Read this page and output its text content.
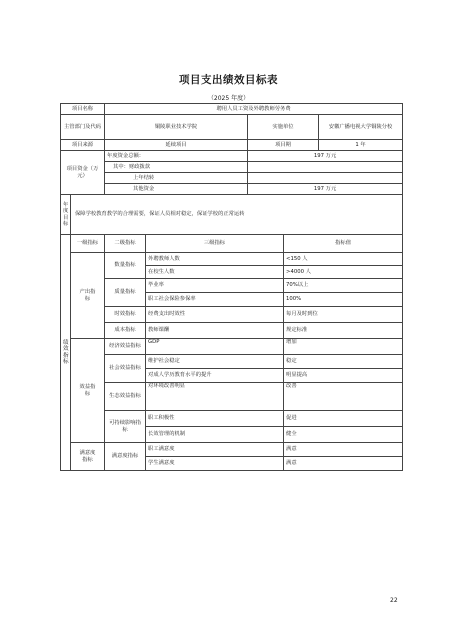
项目支出绩效目标表
（2025 年度）
项目名称		聘用人员工资及外聘教师劳务费				
主管部门及代码		铜陵职业技术学院		实施单位		安徽广播电视大学铜陵分校
项目来源		延续项目		项目期		1 年
项目资金（万元）		年度资金总额：		197 万元		
		其中：财政拨款				
		上年结转				
		其他资金		197 万元		
年度目标	保障学校教育教学的合理需要，保证人员相对稳定，保证学校的正常运转					
绩效指标	一级指标	二级指标	三级指标		指标值	
	产出指标	数量指标	外聘教师人数		<150 人	
			在校生人数		>4000 人	
		质量指标	毕业率		70%以上	
			职工社会保险参保率		100%	
		时效指标	经费支出时效性		每月及时到位	
		成本指标	教师课酬		规定标准	
	效益指标	经济效益指标	GDP		增加	
		社会效益指标	维护社会稳定		稳定	
			对成人学历教育水平的提升		明显提高	
		生态效益指标	对环境改善明显		改善	
		可持续影响指标	职工积极性		促进	
			长效管理的机制		健全	
	满意度指标	满意度指标	职工满意度		满意	
			学生满意度		满意	
22
